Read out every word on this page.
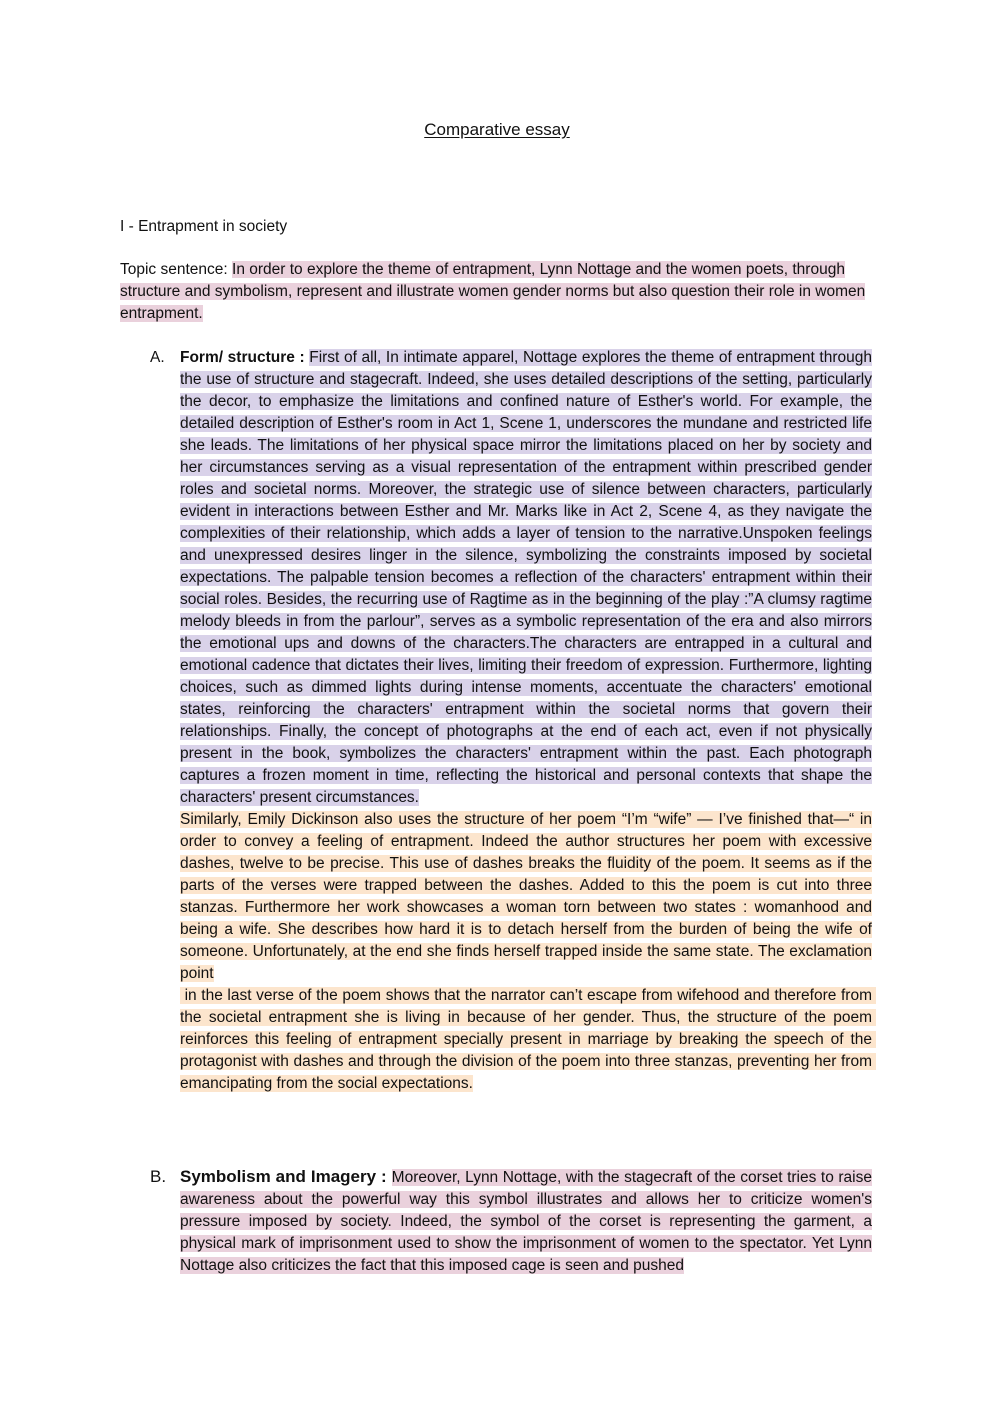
Comparative essay
I - Entrapment in society
Topic sentence: In order to explore the theme of entrapment, Lynn Nottage and the women poets, through structure and symbolism, represent and illustrate women gender norms but also question their role in women entrapment.
A. Form/ structure : First of all, In intimate apparel, Nottage explores the theme of entrapment through the use of structure and stagecraft. Indeed, she uses detailed descriptions of the setting, particularly the decor, to emphasize the limitations and confined nature of Esther's world. For example, the detailed description of Esther's room in Act 1, Scene 1, underscores the mundane and restricted life she leads. The limitations of her physical space mirror the limitations placed on her by society and her circumstances serving as a visual representation of the entrapment within prescribed gender roles and societal norms. Moreover, the strategic use of silence between characters, particularly evident in interactions between Esther and Mr. Marks like in Act 2, Scene 4, as they navigate the complexities of their relationship, which adds a layer of tension to the narrative.Unspoken feelings and unexpressed desires linger in the silence, symbolizing the constraints imposed by societal expectations. The palpable tension becomes a reflection of the characters' entrapment within their social roles. Besides, the recurring use of Ragtime as in the beginning of the play :”A clumsy ragtime melody bleeds in from the parlour”, serves as a symbolic representation of the era and also mirrors the emotional ups and downs of the characters.The characters are entrapped in a cultural and emotional cadence that dictates their lives, limiting their freedom of expression. Furthermore, lighting choices, such as dimmed lights during intense moments, accentuate the characters' emotional states, reinforcing the characters' entrapment within the societal norms that govern their relationships. Finally, the concept of photographs at the end of each act, even if not physically present in the book, symbolizes the characters' entrapment within the past. Each photograph captures a frozen moment in time, reflecting the historical and personal contexts that shape the characters' present circumstances.

Similarly, Emily Dickinson also uses the structure of her poem “I’m “wife” — I’ve finished that—“ in order to convey a feeling of entrapment. Indeed the author structures her poem with excessive dashes, twelve to be precise. This use of dashes breaks the fluidity of the poem. It seems as if the parts of the verses were trapped between the dashes. Added to this the poem is cut into three stanzas. Furthermore her work showcases a woman torn between two states : womanhood and being a wife. She describes how hard it is to detach herself from the burden of being the wife of someone. Unfortunately, at the end she finds herself trapped inside the same state. The exclamation point

in the last verse of the poem shows that the narrator can’t escape from wifehood and therefore from the societal entrapment she is living in because of her gender. Thus, the structure of the poem reinforces this feeling of entrapment specially present in marriage by breaking the speech of the protagonist with dashes and through the division of the poem into three stanzas, preventing her from emancipating from the social expectations.

B. Symbolism and Imagery : Moreover, Lynn Nottage, with the stagecraft of the corset tries to raise awareness about the powerful way this symbol illustrates and allows her to criticize women's pressure imposed by society. Indeed, the symbol of the corset is representing the garment, a physical mark of imprisonment used to show the imprisonment of women to the spectator. Yet Lynn Nottage also criticizes the fact that this imposed cage is seen and pushed
